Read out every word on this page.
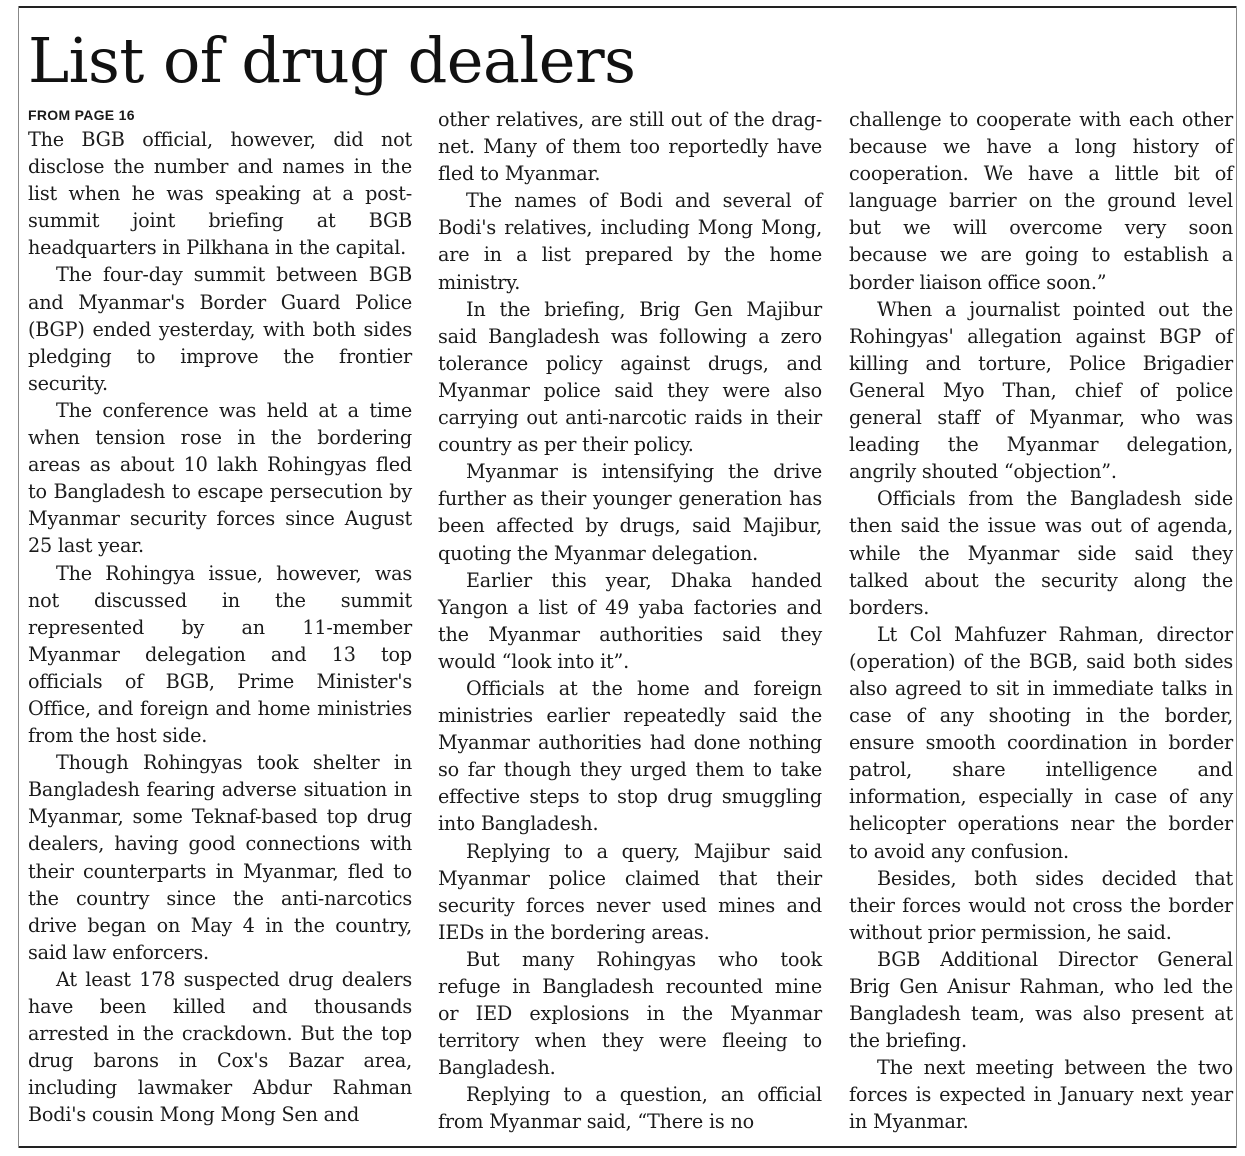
List of drug dealers
FROM PAGE 16

The BGB official, however, did not disclose the number and names in the list when he was speaking at a post-summit joint briefing at BGB headquarters in Pilkhana in the capital.

The four-day summit between BGB and Myanmar's Border Guard Police (BGP) ended yesterday, with both sides pledging to improve the frontier security.

The conference was held at a time when tension rose in the bordering areas as about 10 lakh Rohingyas fled to Bangladesh to escape persecution by Myanmar security forces since August 25 last year.

The Rohingya issue, however, was not discussed in the summit represented by an 11-member Myanmar delegation and 13 top officials of BGB, Prime Minister's Office, and foreign and home ministries from the host side.

Though Rohingyas took shelter in Bangladesh fearing adverse situation in Myanmar, some Teknaf-based top drug dealers, having good connections with their counterparts in Myanmar, fled to the country since the anti-narcotics drive began on May 4 in the country, said law enforcers.

At least 178 suspected drug dealers have been killed and thousands arrested in the crackdown. But the top drug barons in Cox's Bazar area, including lawmaker Abdur Rahman Bodi's cousin Mong Mong Sen and

other relatives, are still out of the drag-net. Many of them too reportedly have fled to Myanmar.

The names of Bodi and several of Bodi's relatives, including Mong Mong, are in a list prepared by the home ministry.

In the briefing, Brig Gen Majibur said Bangladesh was following a zero tolerance policy against drugs, and Myanmar police said they were also carrying out anti-narcotic raids in their country as per their policy.

Myanmar is intensifying the drive further as their younger generation has been affected by drugs, said Majibur, quoting the Myanmar delegation.

Earlier this year, Dhaka handed Yangon a list of 49 yaba factories and the Myanmar authorities said they would “look into it”.

Officials at the home and foreign ministries earlier repeatedly said the Myanmar authorities had done nothing so far though they urged them to take effective steps to stop drug smuggling into Bangladesh.

Replying to a query, Majibur said Myanmar police claimed that their security forces never used mines and IEDs in the bordering areas.

But many Rohingyas who took refuge in Bangladesh recounted mine or IED explosions in the Myanmar territory when they were fleeing to Bangladesh.

Replying to a question, an official from Myanmar said, “There is no

challenge to cooperate with each other because we have a long history of cooperation. We have a little bit of language barrier on the ground level but we will overcome very soon because we are going to establish a border liaison office soon.”

When a journalist pointed out the Rohingyas' allegation against BGP of killing and torture, Police Brigadier General Myo Than, chief of police general staff of Myanmar, who was leading the Myanmar delegation, angrily shouted “objection”.

Officials from the Bangladesh side then said the issue was out of agenda, while the Myanmar side said they talked about the security along the borders.

Lt Col Mahfuzer Rahman, director (operation) of the BGB, said both sides also agreed to sit in immediate talks in case of any shooting in the border, ensure smooth coordination in border patrol, share intelligence and information, especially in case of any helicopter operations near the border to avoid any confusion.

Besides, both sides decided that their forces would not cross the border without prior permission, he said.

BGB Additional Director General Brig Gen Anisur Rahman, who led the Bangladesh team, was also present at the briefing.

The next meeting between the two forces is expected in January next year in Myanmar.
